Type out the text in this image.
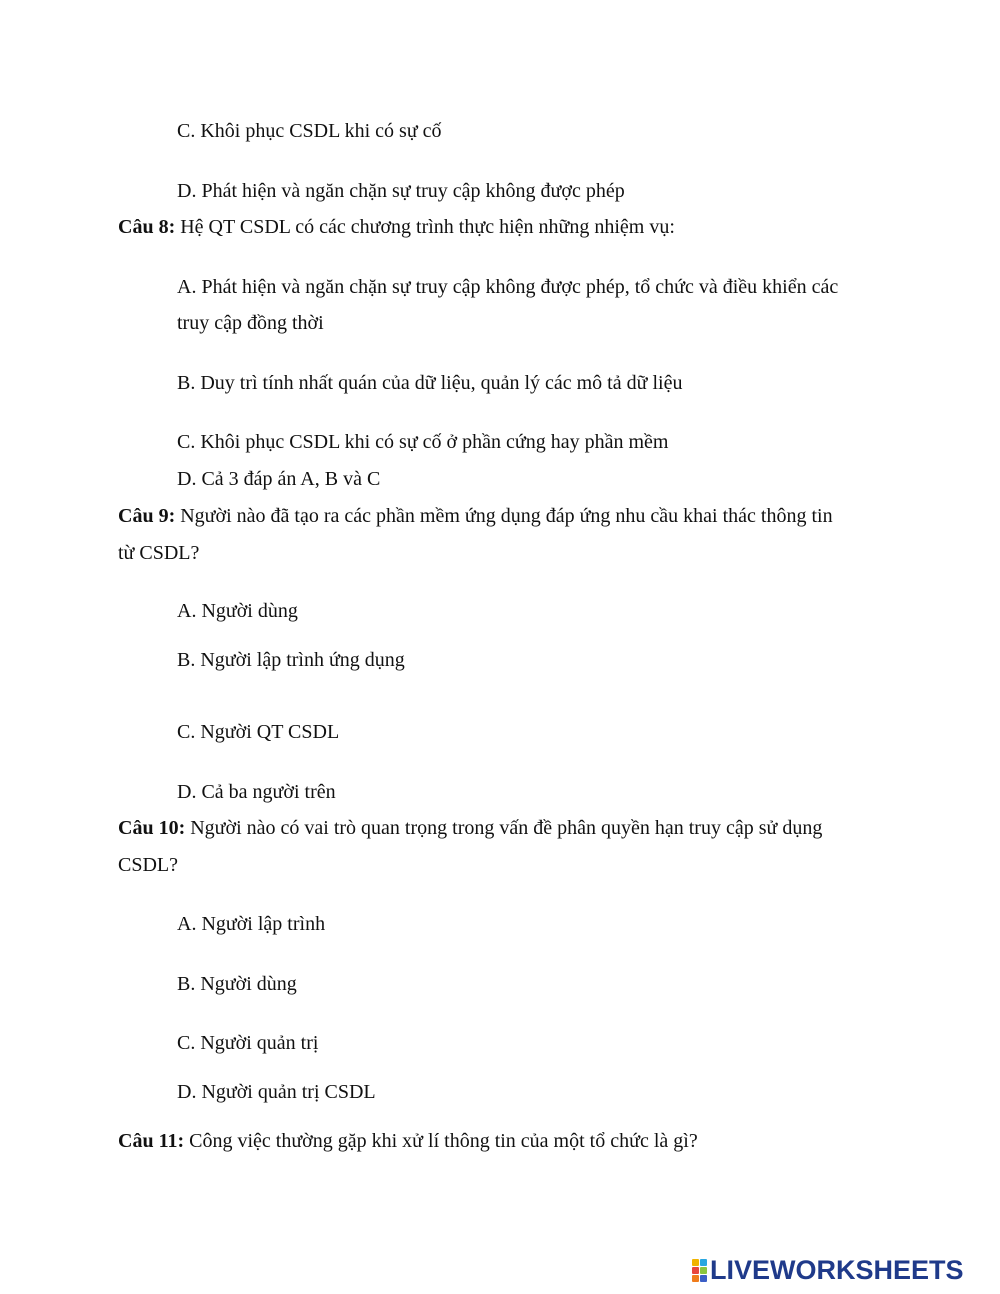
C. Khôi phục CSDL khi có sự cố
D. Phát hiện và ngăn chặn sự truy cập không được phép
Câu 8: Hệ QT CSDL có các chương trình thực hiện những nhiệm vụ:
A. Phát hiện và ngăn chặn sự truy cập không được phép, tổ chức và điều khiển các
truy cập đồng thời
B. Duy trì tính nhất quán của dữ liệu, quản lý các mô tả dữ liệu
C. Khôi phục CSDL khi có sự cố ở phần cứng hay phần mềm
D. Cả 3 đáp án A, B và C
Câu 9: Người nào đã tạo ra các phần mềm ứng dụng đáp ứng nhu cầu khai thác thông tin
từ CSDL?
A. Người dùng
B. Người lập trình ứng dụng
C. Người QT CSDL
D. Cả ba người trên
Câu 10: Người nào có vai trò quan trọng trong vấn đề phân quyền hạn truy cập sử dụng
CSDL?
A. Người lập trình
B. Người dùng
C. Người quản trị
D. Người quản trị CSDL
Câu 11: Công việc thường gặp khi xử lí thông tin của một tổ chức là gì?
LIVEWORKSHEETS
